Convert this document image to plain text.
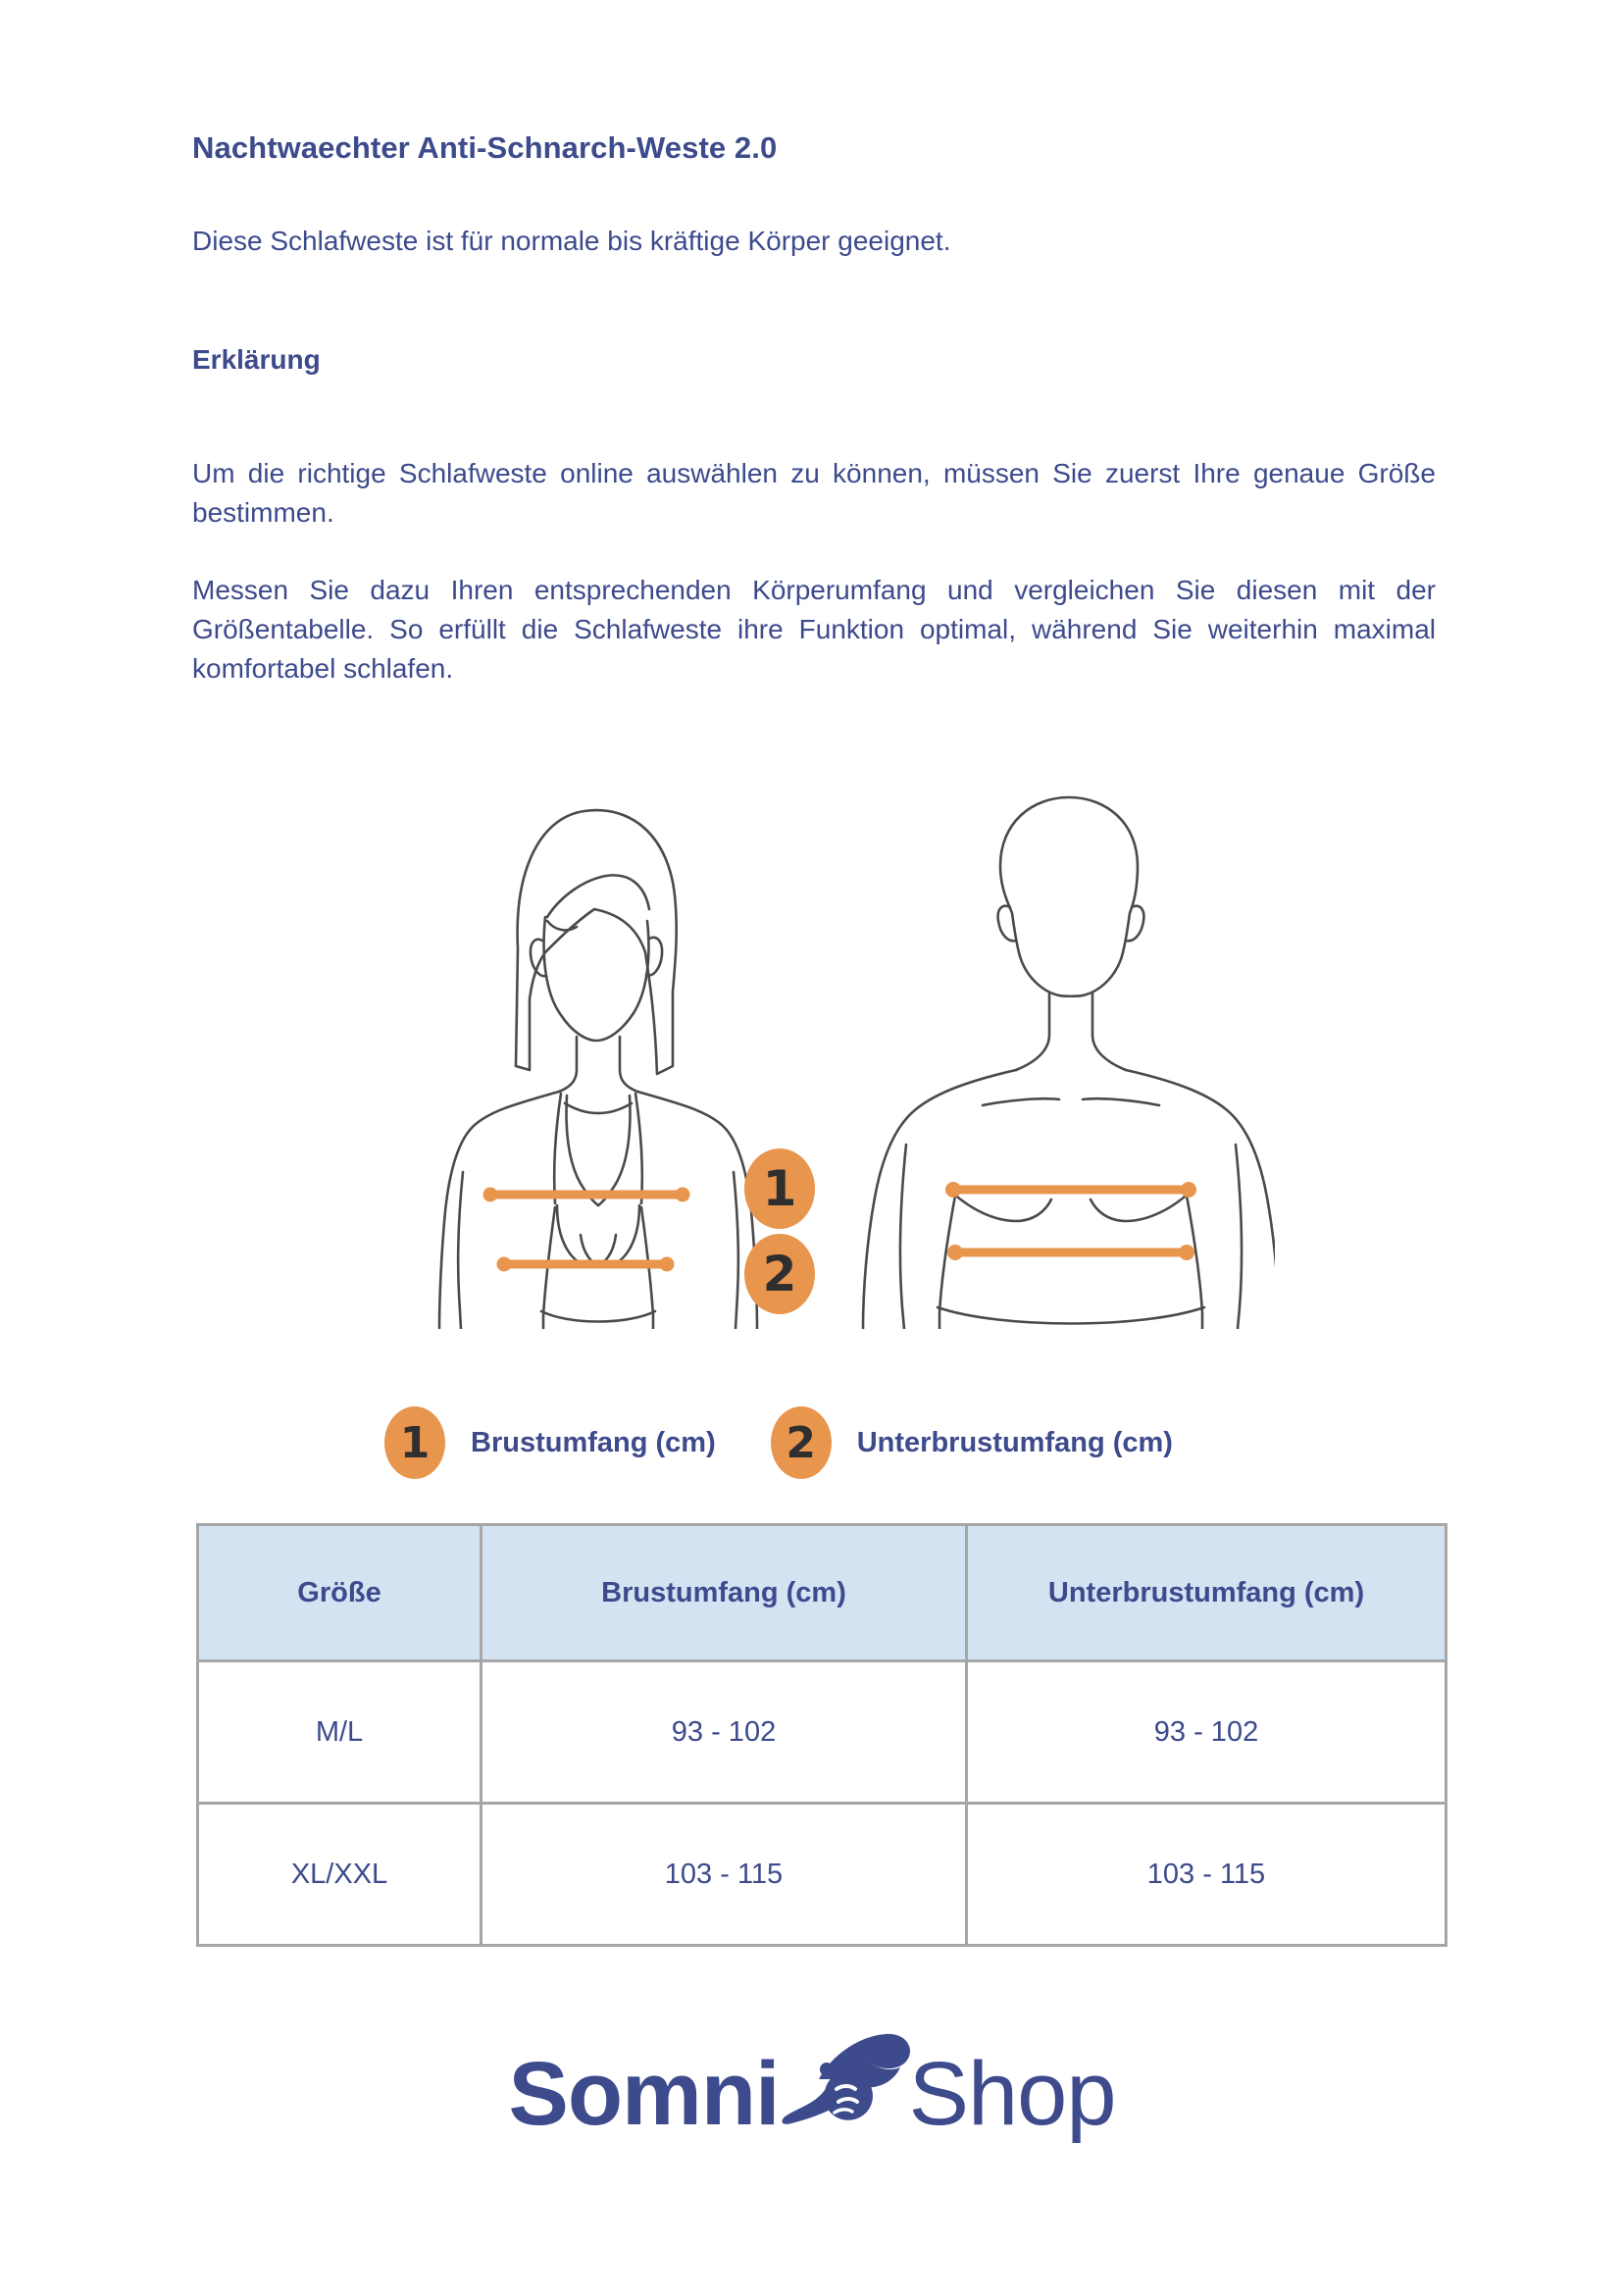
Nachtwaechter Anti-Schnarch-Weste 2.0

Diese Schlafweste ist für normale bis kräftige Körper geeignet.

Erklärung

Um die richtige Schlafweste online auswählen zu können, müssen Sie zuerst Ihre genaue Größe bestimmen.

Messen Sie dazu Ihren entsprechenden Körperumfang und vergleichen Sie diesen mit der Größentabelle. So erfüllt die Schlafweste ihre Funktion optimal, während Sie weiterhin maximal komfortabel schlafen.

1
2
1	Brustumfang (cm)	2	Unterbrustumfang (cm)
Größe	Brustumfang (cm)	Unterbrustumfang (cm)
M/L	93 - 102	93 - 102
XL/XXL	103 - 115	103 - 115
Somni Shop
